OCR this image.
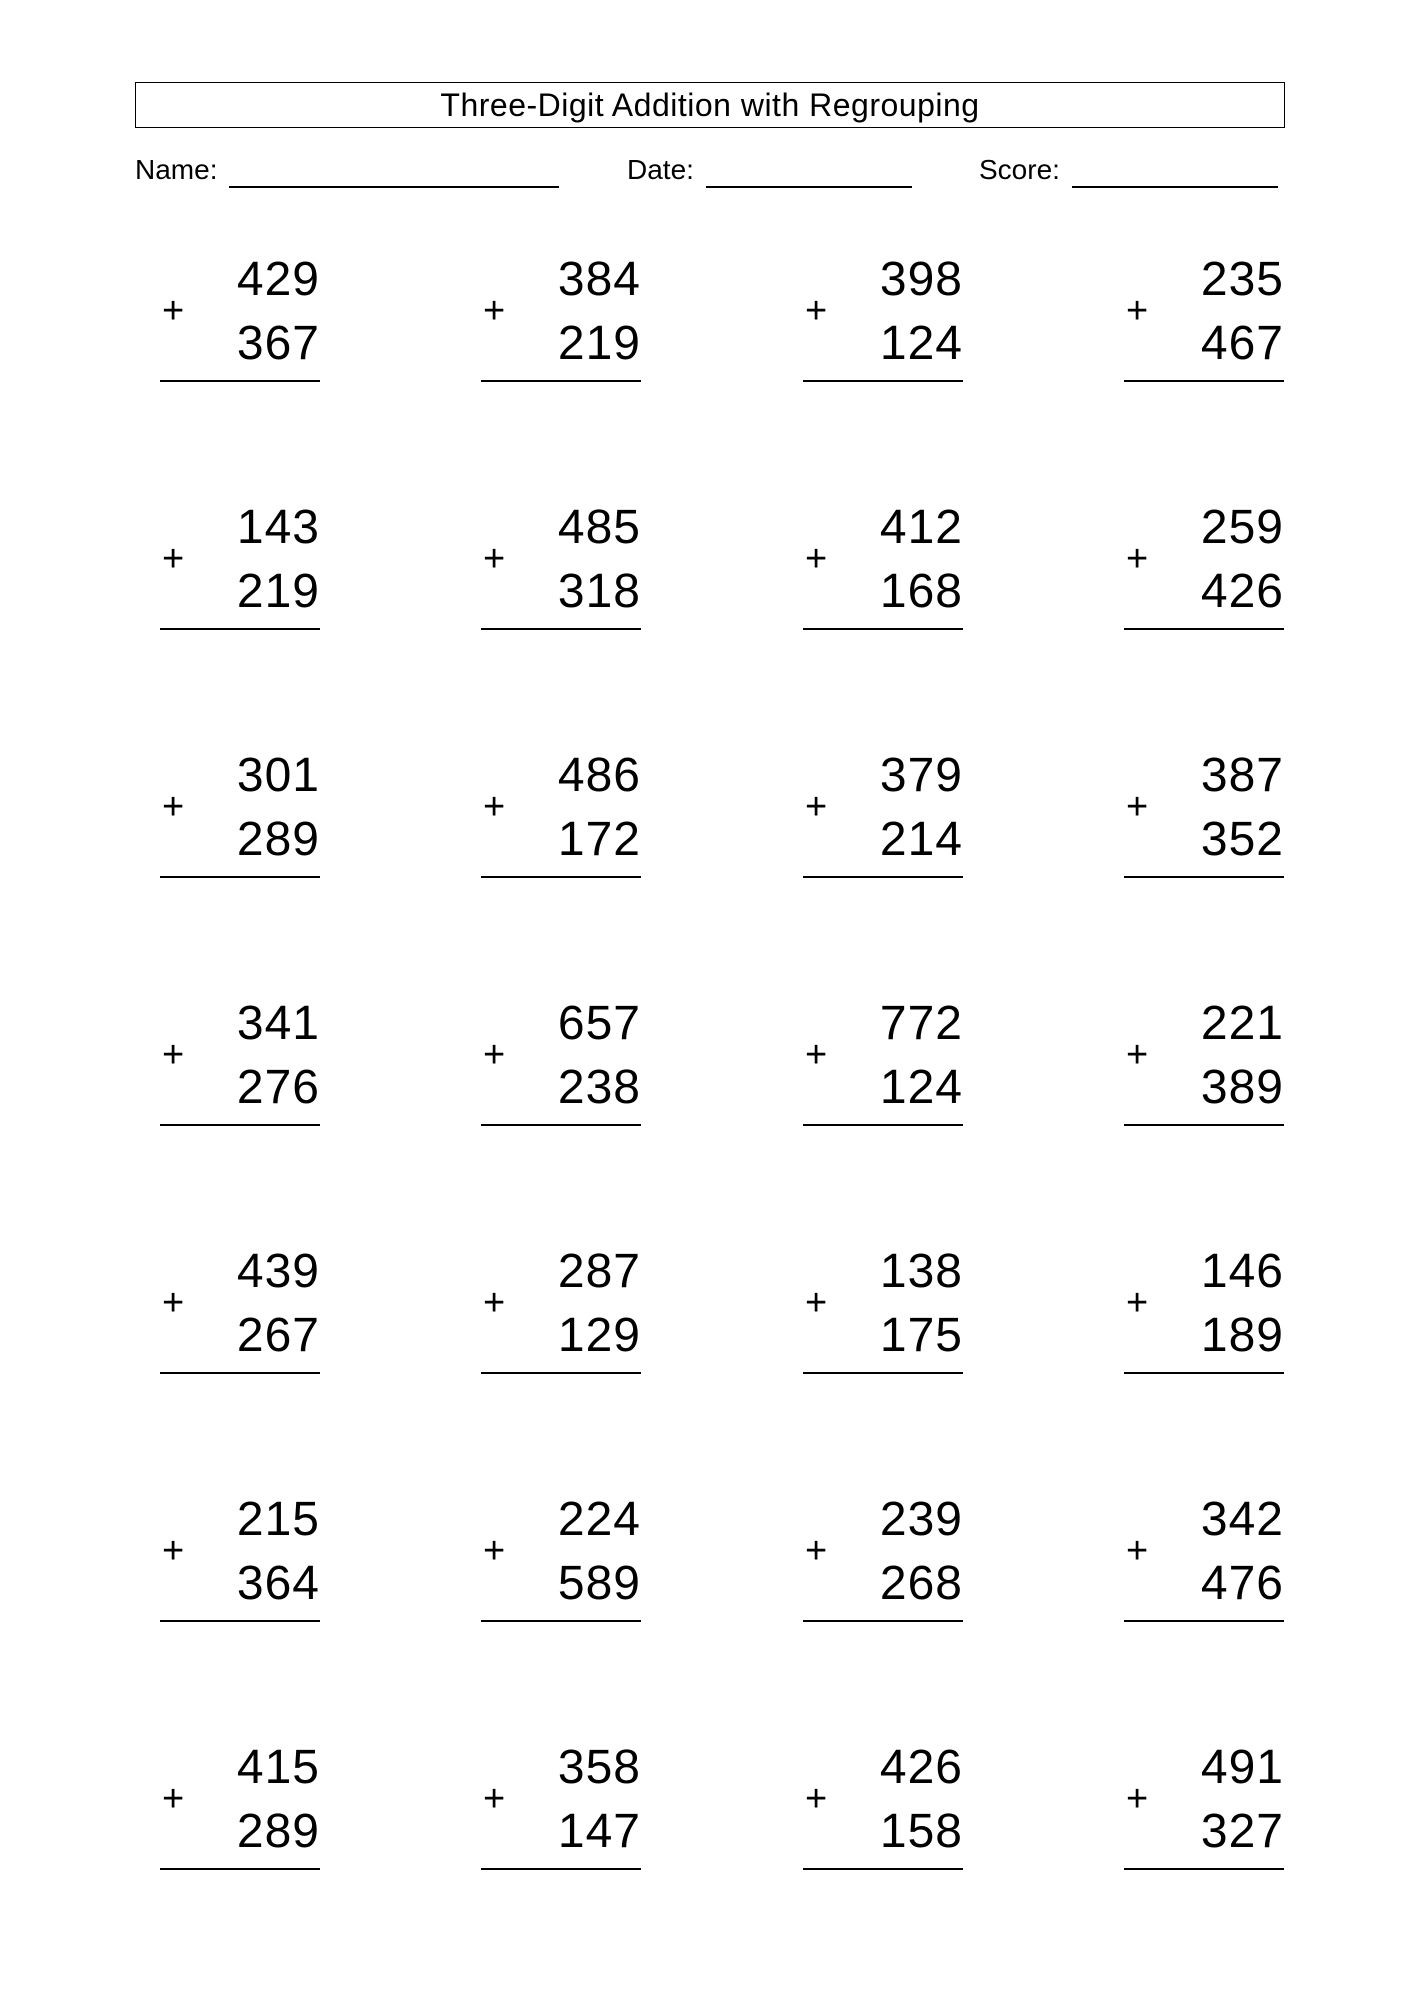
Three-Digit Addition with Regrouping
Name:	Date:	Score:
429
+
367
384
+
219
398
+
124
235
+
467
143
+
219
485
+
318
412
+
168
259
+
426
301
+
289
486
+
172
379
+
214
387
+
352
341
+
276
657
+
238
772
+
124
221
+
389
439
+
267
287
+
129
138
+
175
146
+
189
215
+
364
224
+
589
239
+
268
342
+
476
415
+
289
358
+
147
426
+
158
491
+
327
